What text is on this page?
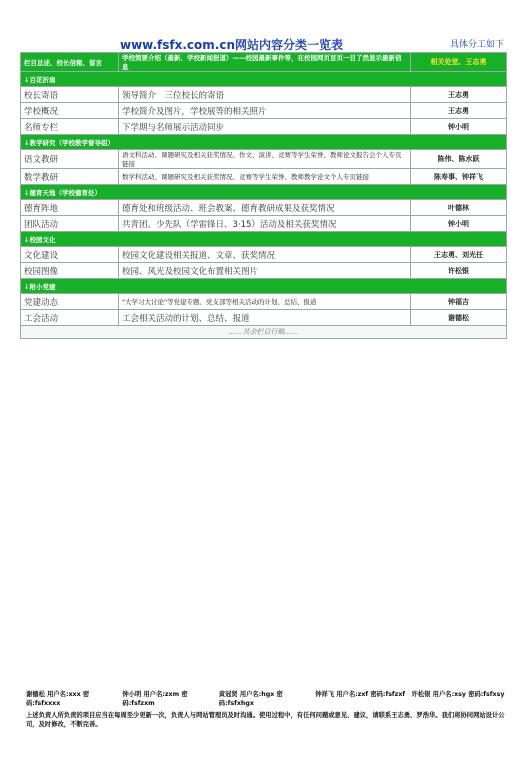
www.fsfx.com.cn网站内容分类一览表	具体分工如下
栏目总述、校长信箱、留言	学校简要介绍（最新、学校新闻报道）——校园最新事件等，在校园网页首页一目了然显示最新信息	相关处室、王志勇
↓百花折扇		
校长寄语	领导简介　三位校长的寄语	王志勇
学校概况	学校简介及图片，学校展等的相关照片	王志勇
名师专栏	下学期与名师展示活动同步	钟小明
↓教学研究（学校教学督导组）		
语文教研	语文科活动、课题研究及相关获奖情况、作文、演讲、竞赛等学生荣誉、教师论文报告会个人专页链接	陈伟、陈水跃
数学教研	数学科活动、课题研究及相关获奖情况、竞赛等学生荣誉、教师教学论文个人专页链接	陈寿事、钟祥飞
↓德育天地（学校德育处）		
德育阵地	德育处和班级活动、班会教案、德育教研成果及获奖情况	叶德林
团队活动	共青团、少先队（学雷锋日、3·15）活动及相关获奖情况	钟小明
↓校园文化		
文化建设	校园文化建设相关报道、文章、获奖情况	王志勇、刘光任
校园图像	校园、风光及校园文化布置相关图片	许松银
↓附小党建		
党建动态	"大学习大讨论"等党建专题、党支部等相关活动的计划、总结、报道	钟福吉
工会活动	工会相关活动的计划、总结、报道	谢德松
……其余栏目行略……		
谢德松 用户名:xxx 密码:fsfxxxx
钟小明 用户名:zxm 密码:fsfzxm
黄冠贤 用户名:hgx 密码:fsfxhgx
钟祥飞 用户名:zxf 密码:fsfzxf	许松银 用户名:xsy 密码:fsfxsy
上述负责人所负责的项目应当在每周至少更新一次，负责人与网站管理员及时沟通。使用过程中，有任何问题或意见、建议，请联系王志勇、罗浩华。我们将协同网站设计公司，及时修改，不断完善。
